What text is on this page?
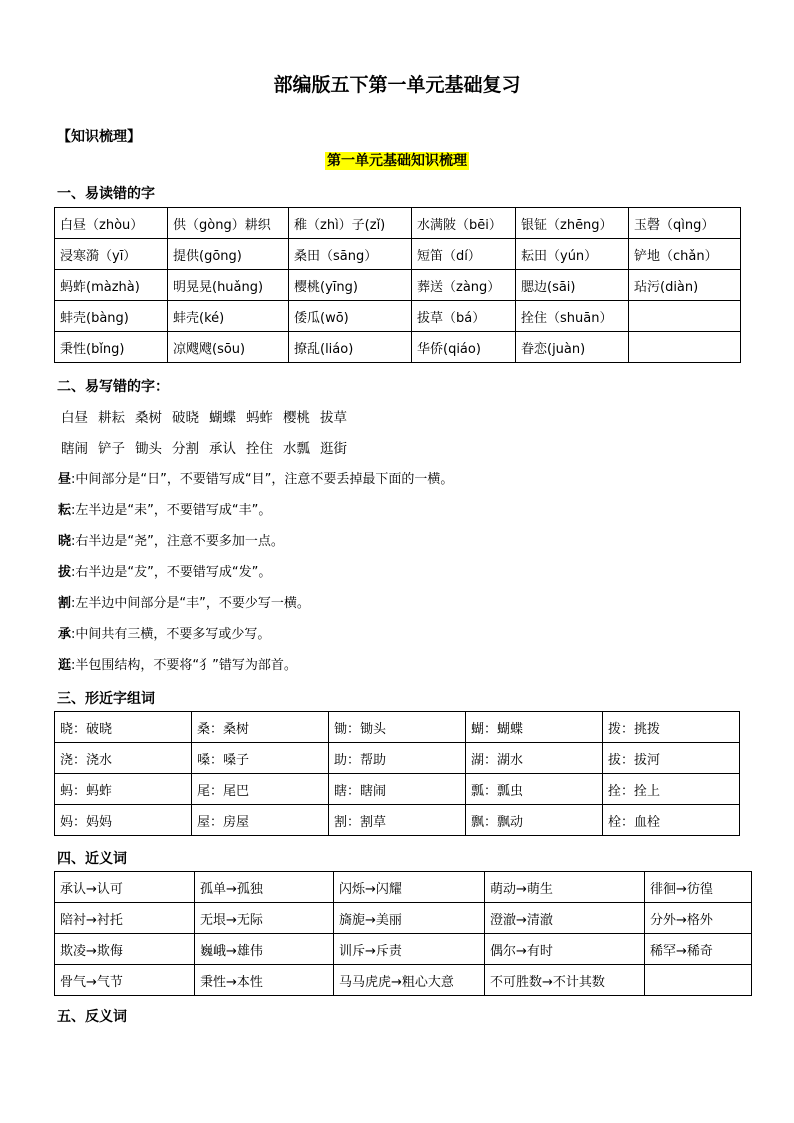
部编版五下第一单元基础复习
【知识梳理】
第一单元基础知识梳理
一、易读错的字
白昼（zhòu）	供（gòng）耕织	稚（zhì）子(zǐ)	水满陂（bēi）	银钲（zhēng）	玉磬（qìng）
浸寒漪（yī）	提供(gōng)	桑田（sāng）	短笛（dí）	耘田（yún）	铲地（chǎn）
蚂蚱(màzhà)	明晃晃(huǎng)	樱桃(yīng)	葬送（zàng）	腮边(sāi)	玷污(diàn)
蚌壳(bàng)	蚌壳(ké)	倭瓜(wō)	拔草（bá）	拴住（shuān）	
秉性(bǐng)	凉飕飕(sōu)	撩乱(liáo)	华侨(qiáo)	眷恋(juàn)	
二、易写错的字：
白昼 耕耘 桑树 破晓 蝴蝶 蚂蚱 樱桃 拔草
瞎闹 铲子 锄头 分割 承认 拴住 水瓢 逛街
昼:中间部分是“日”，不要错写成“目”，注意不要丢掉最下面的一横。
耘:左半边是“耒”，不要错写成“丰”。
晓:右半边是“尧”，注意不要多加一点。
拔:右半边是“犮”，不要错写成“发”。
割:左半边中间部分是“丰”，不要少写一横。
承:中间共有三横，不要多写或少写。
逛:半包围结构，不要将“犭”错写为部首。
三、形近字组词
晓：破晓	桑：桑树	锄：锄头	蝴：蝴蝶	拨：挑拨
浇：浇水	嗓：嗓子	助：帮助	湖：湖水	拔：拔河
蚂：蚂蚱	尾：尾巴	瞎：瞎闹	瓢：瓢虫	拴：拴上
妈：妈妈	屋：房屋	割：割草	飘：飘动	栓：血栓
四、近义词
承认→认可	孤单→孤独	闪烁→闪耀	萌动→萌生	徘徊→彷徨
陪衬→衬托	无垠→无际	旖旎→美丽	澄澈→清澈	分外→格外
欺凌→欺侮	巍峨→雄伟	训斥→斥责	偶尔→有时	稀罕→稀奇
骨气→气节	秉性→本性	马马虎虎→粗心大意	不可胜数→不计其数	
五、反义词
